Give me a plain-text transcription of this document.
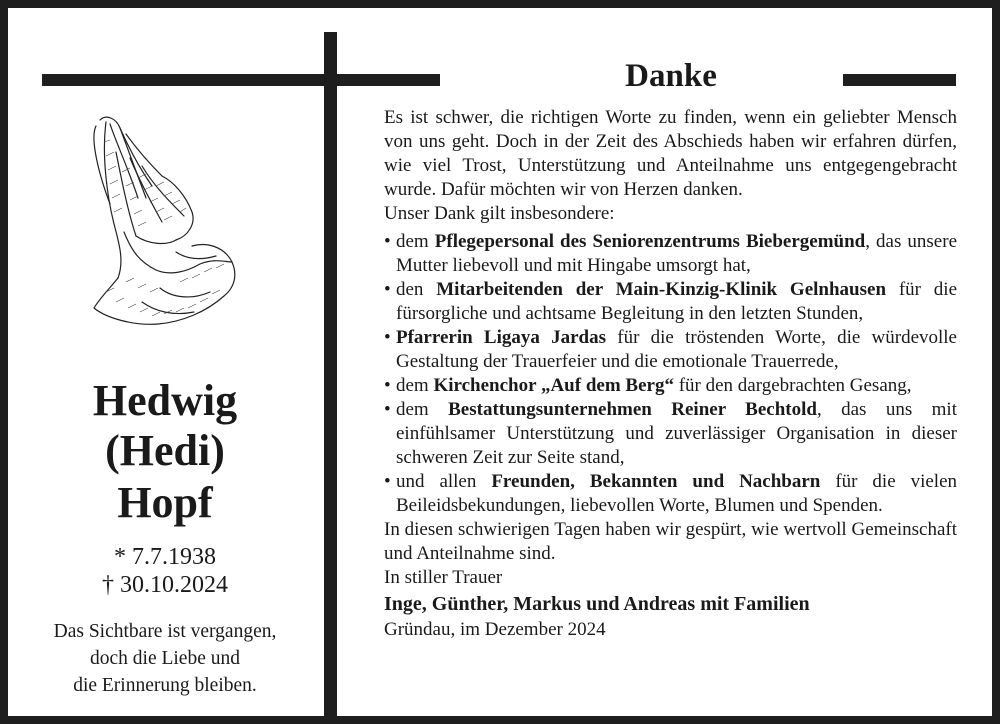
Danke
Hedwig
(Hedi)
Hopf
* 7.7.1938
† 30.10.2024
Das Sichtbare ist vergangen,
doch die Liebe und
die Erinnerung bleiben.

Es ist schwer, die richtigen Worte zu finden, wenn ein geliebter Mensch von uns geht. Doch in der Zeit des Abschieds haben wir erfahren dürfen, wie viel Trost, Unterstützung und Anteilnahme uns entgegengebracht wurde. Dafür möchten wir von Herzen danken.

Unser Dank gilt insbesondere:

• dem Pflegepersonal des Seniorenzentrums Biebergemünd, das unsere Mutter liebevoll und mit Hingabe umsorgt hat,
• den Mitarbeitenden der Main-Kinzig-Klinik Gelnhausen für die fürsorgliche und achtsame Begleitung in den letzten Stunden,
• Pfarrerin Ligaya Jardas für die tröstenden Worte, die würdevolle Gestaltung der Trauerfeier und die emotionale Trauerrede,
• dem Kirchenchor „Auf dem Berg“ für den dargebrachten Gesang,
• dem Bestattungsunternehmen Reiner Bechtold, das uns mit einfühlsamer Unterstützung und zuverlässiger Organisation in dieser schweren Zeit zur Seite stand,
• und allen Freunden, Bekannten und Nachbarn für die vielen Beileidsbekundungen, liebevollen Worte, Blumen und Spenden.

In diesen schwierigen Tagen haben wir gespürt, wie wertvoll Gemeinschaft und Anteilnahme sind.

In stiller Trauer

Inge, Günther, Markus und Andreas mit Familien

Gründau, im Dezember 2024
